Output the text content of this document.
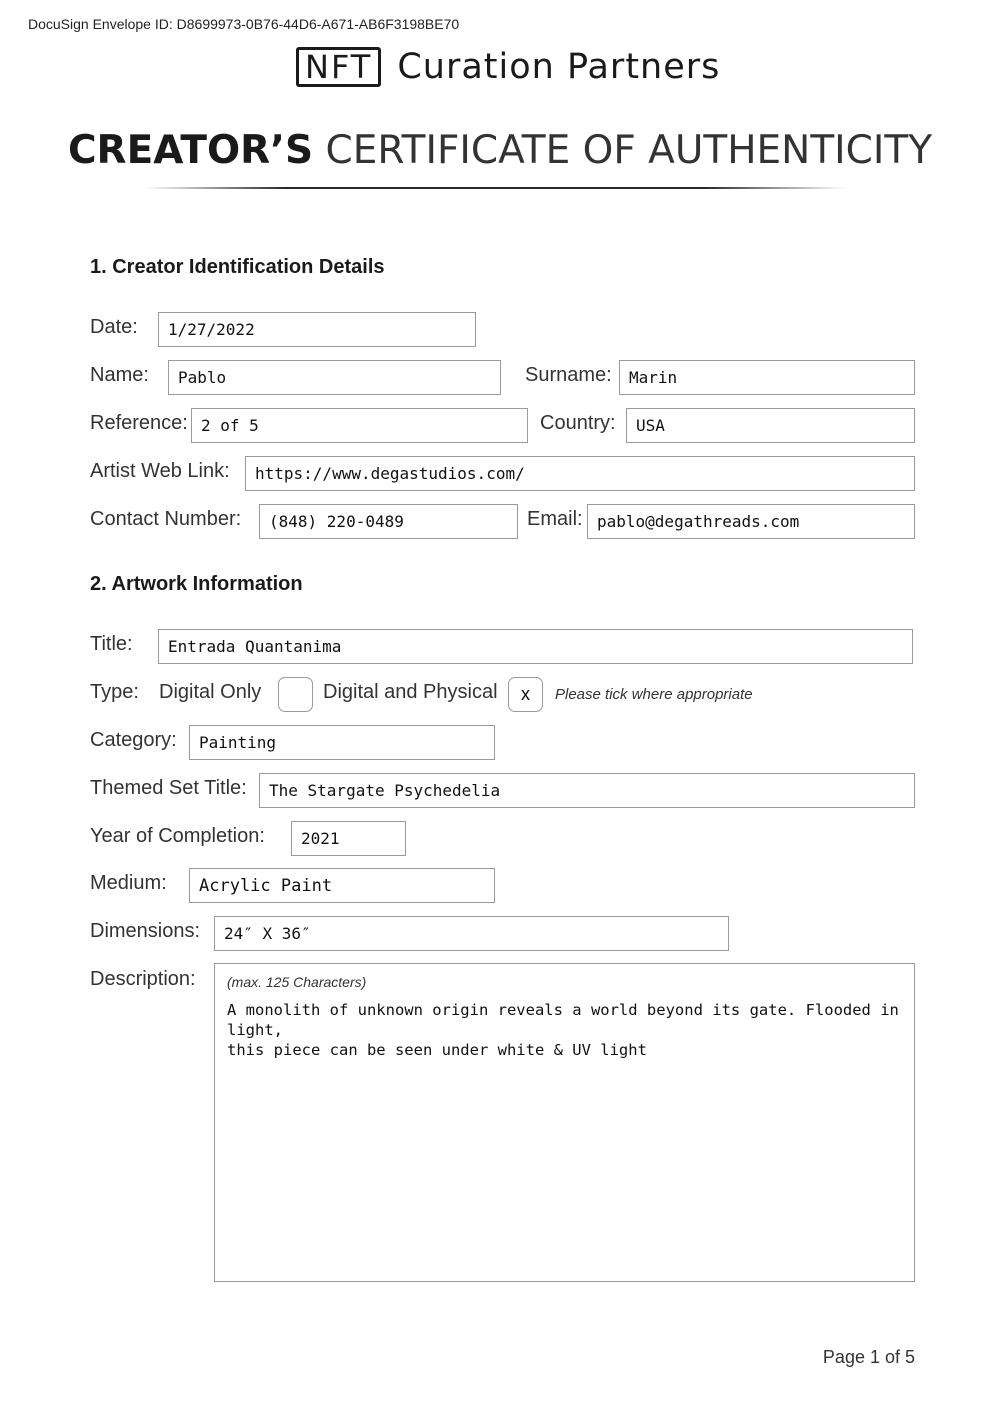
DocuSign Envelope ID: D8699973-0B76-44D6-A671-AB6F3198BE70
NFT Curation Partners
CREATOR’S CERTIFICATE OF AUTHENTICITY
1. Creator Identification Details
Date:	1/27/2022
Name:	Pablo	Surname:	Marin
Reference: 2 of 5	Country:	USA
Artist Web Link:	https://www.degastudios.com/
Contact Number:	(848) 220-0489	Email: pablo@degathreads.com
2. Artwork Information
Title:	Entrada Quantanima
Type: Digital Only	Digital and Physical	x	Please tick where appropriate
Category:	Painting
Themed Set Title:	The Stargate Psychedelia
Year of Completion:	2021
Medium:	Acrylic Paint
Dimensions:	24″ X 36″
Description: (max. 125 Characters)
A monolith of unknown origin reveals a world beyond its gate. Flooded in light,
this piece can be seen under white & UV light
Page 1 of 5
